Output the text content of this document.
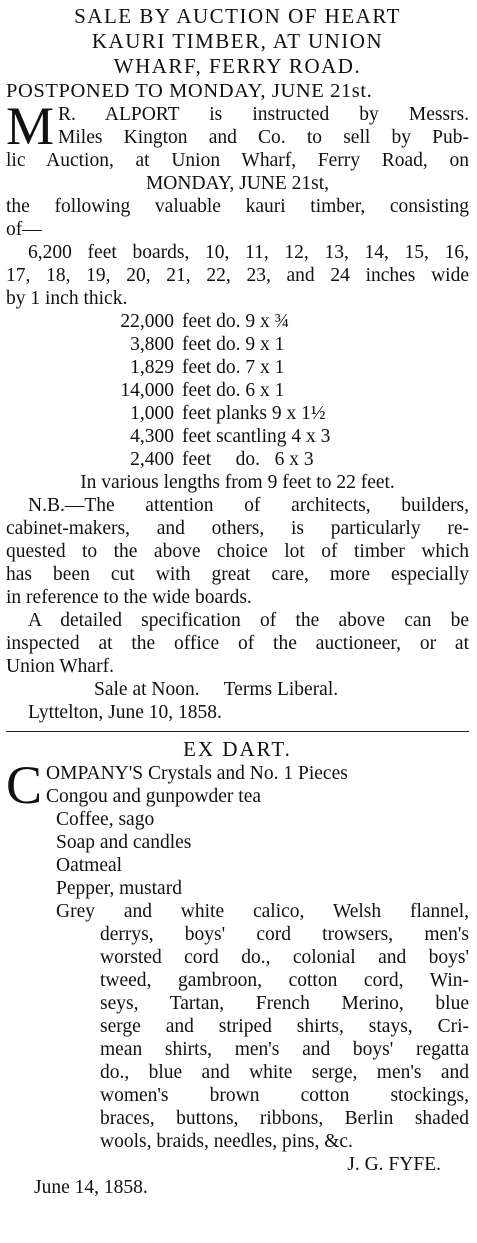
SALE BY AUCTION OF HEART
KAURI TIMBER, AT UNION
WHARF, FERRY ROAD.
POSTPONED TO MONDAY, JUNE 21st.
M R. ALPORT is instructed by Messrs.
Miles Kington and Co. to sell by Pub-
lic Auction, at Union Wharf, Ferry Road, on
MONDAY, JUNE 21st,
the following valuable kauri timber, consisting
of—
6,200 feet boards, 10, 11, 12, 13, 14, 15, 16,
17, 18, 19, 20, 21, 22, 23, and 24 inches wide
by 1 inch thick.
22,000 feet do. 9 x ¾
3,800 feet do. 9 x 1
1,829 feet do. 7 x 1
14,000 feet do. 6 x 1
1,000 feet planks 9 x 1½
4,300 feet scantling 4 x 3
2,400 feet     do.   6 x 3
In various lengths from 9 feet to 22 feet.
N.B.—The attention of architects, builders,
cabinet-makers, and others, is particularly re-
quested to the above choice lot of timber which
has been cut with great care, more especially
in reference to the wide boards.
A detailed specification of the above can be
inspected at the office of the auctioneer, or at
Union Wharf.
Sale at Noon.     Terms Liberal.
Lyttelton, June 10, 1858.
EX DART.
C OMPANY'S Crystals and No. 1 Pieces
Congou and gunpowder tea
Coffee, sago
Soap and candles
Oatmeal
Pepper, mustard
Grey and white calico, Welsh flannel,
derrys, boys' cord trowsers, men's
worsted cord do., colonial and boys'
tweed, gambroon, cotton cord, Win-
seys, Tartan, French Merino, blue
serge and striped shirts, stays, Cri-
mean shirts, men's and boys' regatta
do., blue and white serge, men's and
women's brown cotton stockings,
braces, buttons, ribbons, Berlin shaded
wools, braids, needles, pins, &c.
J. G. FYFE.
June 14, 1858.
